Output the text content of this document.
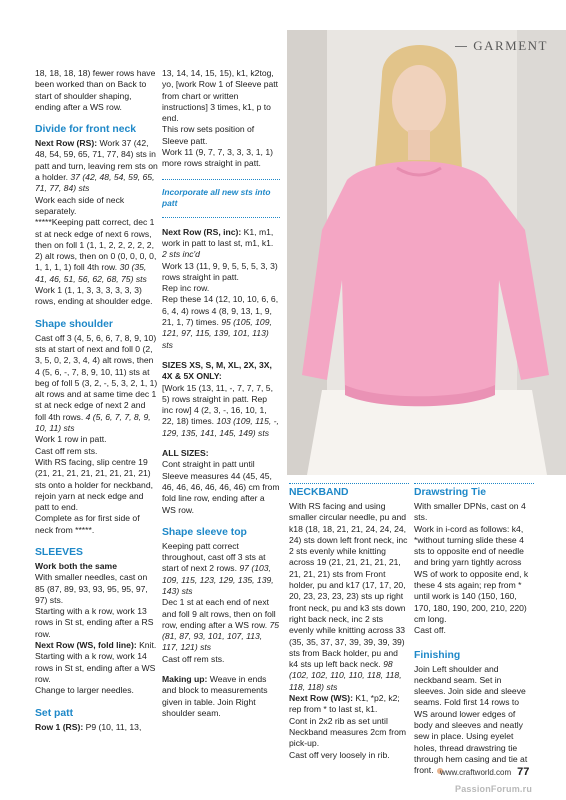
18, 18, 18, 18) fewer rows have been worked than on Back to start of shoulder shaping, ending after a WS row.

Divide for front neck

Next Row (RS): Work 37 (42, 48, 54, 59, 65, 71, 77, 84) sts in patt and turn, leaving rem sts on a holder. 37 (42, 48, 54, 59, 65, 71, 77, 84) sts

Work each side of neck separately.

*****Keeping patt correct, dec 1 st at neck edge of next 6 rows, then on foll 1 (1, 1, 2, 2, 2, 2, 2, 2) alt rows, then on 0 (0, 0, 0, 0, 1, 1, 1, 1) foll 4th row. 30 (35, 41, 46, 51, 56, 62, 68, 75) sts

Work 1 (1, 1, 3, 3, 3, 3, 3, 3) rows, ending at shoulder edge.

Shape shoulder

Cast off 3 (4, 5, 6, 6, 7, 8, 9, 10) sts at start of next and foll 0 (2, 3, 5, 0, 2, 3, 4, 4) alt rows, then 4 (5, 6, -, 7, 8, 9, 10, 11) sts at beg of foll 5 (3, 2, -, 5, 3, 2, 1, 1) alt rows and at same time dec 1 st at neck edge of next 2 and foll 4th rows. 4 (5, 6, 7, 7, 8, 9, 10, 11) sts

Work 1 row in patt.

Cast off rem sts.

With RS facing, slip centre 19 (21, 21, 21, 21, 21, 21, 21, 21) sts onto a holder for neckband, rejoin yarn at neck edge and patt to end.

Complete as for first side of neck from *****.

SLEEVES

Work both the same

With smaller needles, cast on 85 (87, 89, 93, 93, 95, 95, 97, 97) sts.

Starting with a k row, work 13 rows in St st, ending after a RS row.

Next Row (WS, fold line): Knit.

Starting with a k row, work 14 rows in St st, ending after a WS row.

Change to larger needles.

Set patt

Row 1 (RS): P9 (10, 11, 13,

13, 14, 14, 15, 15), k1, k2tog, yo, [work Row 1 of Sleeve patt from chart or written instructions] 3 times, k1, p to end.

This row sets position of Sleeve patt.

Work 11 (9, 7, 7, 3, 3, 3, 1, 1) more rows straight in patt.

Incorporate all new sts into patt

Next Row (RS, inc): K1, m1, work in patt to last st, m1, k1. 2 sts inc'd

Work 13 (11, 9, 9, 5, 5, 5, 3, 3) rows straight in patt.

Rep inc row.

Rep these 14 (12, 10, 10, 6, 6, 6, 4, 4) rows 4 (8, 9, 13, 1, 9, 21, 1, 7) times. 95 (105, 109, 121, 97, 115, 139, 101, 113) sts

SIZES XS, S, M, XL, 2X, 3X, 4X & 5X ONLY:

[Work 15 (13, 11, -, 7, 7, 7, 5, 5) rows straight in patt. Rep inc row] 4 (2, 3, -, 16, 10, 1, 22, 18) times. 103 (109, 115, -, 129, 135, 141, 145, 149) sts

ALL SIZES:

Cont straight in patt until Sleeve measures 44 (45, 45, 46, 46, 46, 46, 46, 46) cm from fold line row, ending after a WS row.

Shape sleeve top

Keeping patt correct throughout, cast off 3 sts at start of next 2 rows. 97 (103, 109, 115, 123, 129, 135, 139, 143) sts

Dec 1 st at each end of next and foll 9 alt rows, then on foll row, ending after a WS row. 75 (81, 87, 93, 101, 107, 113, 117, 121) sts

Cast off rem sts.

Making up: Weave in ends and block to measurements given in table. Join Right shoulder seam.

GARMENT
NECKBAND

With RS facing and using smaller circular needle, pu and k18 (18, 18, 21, 21, 24, 24, 24, 24) sts down left front neck, inc 2 sts evenly while knitting across 19 (21, 21, 21, 21, 21, 21, 21, 21) sts from Front holder, pu and k17 (17, 17, 20, 20, 23, 23, 23, 23) sts up right front neck, pu and k3 sts down right back neck, inc 2 sts evenly while knitting across 33 (35, 35, 37, 37, 39, 39, 39, 39) sts from Back holder, pu and k4 sts up left back neck. 98 (102, 102, 110, 110, 118, 118, 118, 118) sts

Next Row (WS): K1, *p2, k2; rep from * to last st, k1.

Cont in 2x2 rib as set until Neckband measures 2cm from pick-up.

Cast off very loosely in rib.

Drawstring Tie

With smaller DPNs, cast on 4 sts.

Work in i-cord as follows: k4, *without turning slide these 4 sts to opposite end of needle and bring yarn tightly across WS of work to opposite end, k these 4 sts again; rep from * until work is 140 (150, 160, 170, 180, 190, 200, 210, 220) cm long.

Cast off.

Finishing

Join Left shoulder and neckband seam. Set in sleeves. Join side and sleeve seams. Fold first 14 rows to WS around lower edges of body and sleeves and neatly sew in place. Using eyelet holes, thread drawstring tie through hem casing and tie at front. www.craftworld.com 77
PassionForum.ru
